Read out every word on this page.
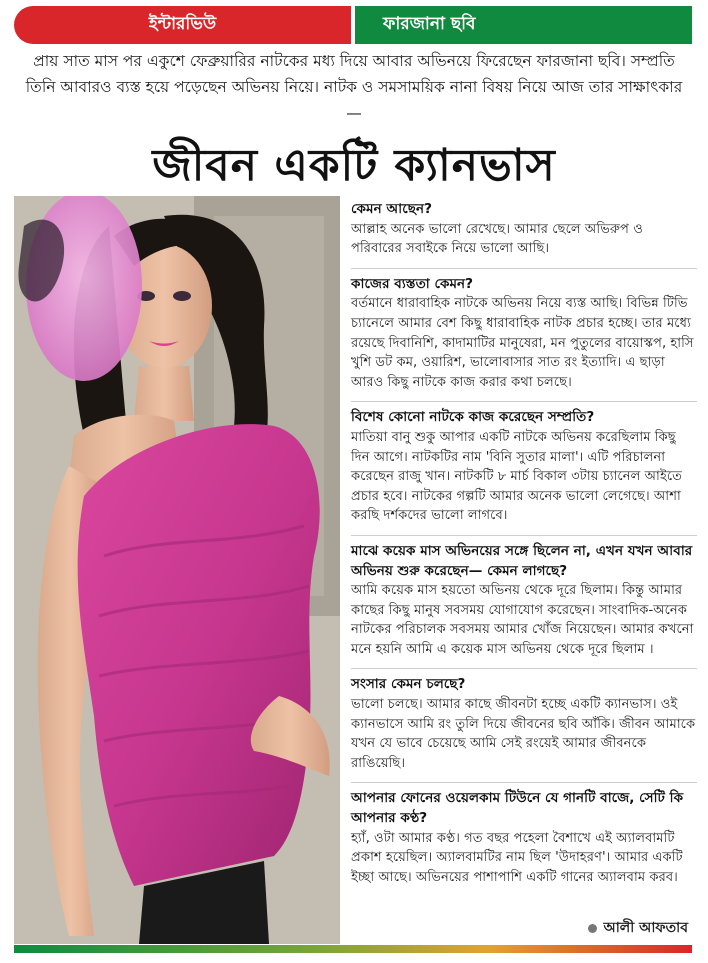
ইন্টারভিউ	ফারজানা ছবি

প্রায় সাত মাস পর একুশে ফেব্রুয়ারির নাটকের মধ্য দিয়ে আবার অভিনয়ে ফিরেছেন ফারজানা ছবি। সম্প্রতি তিনি আবারও ব্যস্ত হয়ে পড়েছেন অভিনয় নিয়ে। নাটক ও সমসাময়িক নানা বিষয় নিয়ে আজ তার সাক্ষাৎকার—

জীবন একটি ক্যানভাস
কেমন আছেন?
আল্লাহ অনেক ভালো রেখেছে। আমার ছেলে অভিরুপ ও পরিবারের সবাইকে নিয়ে ভালো আছি।
কাজের ব্যস্ততা কেমন?
বর্তমানে ধারাবাহিক নাটকে অভিনয় নিয়ে ব্যস্ত আছি। বিভিন্ন টিভি চ্যানেলে আমার বেশ কিছু ধারাবাহিক নাটক প্রচার হচ্ছে। তার মধ্যে রয়েছে দিবানিশি, কাদামাটির মানুষেরা, মন পুতুলের বায়োস্কপ, হাসি খুশি ডট কম, ওয়ারিশ, ভালোবাসার সাত রং ইত্যাদি। এ ছাড়া আরও কিছু নাটকে কাজ করার কথা চলছে।
বিশেষ কোনো নাটকে কাজ করেছেন সম্প্রতি?
মাতিয়া বানু শুকু আপার একটি নাটকে অভিনয় করেছিলাম কিছু দিন আগে। নাটকটির নাম 'বিনি সুতার মালা'। এটি পরিচালনা করেছেন রাজু খান। নাটকটি ৮ মার্চ বিকাল ৩টায় চ্যানেল আইতে প্রচার হবে। নাটকের গল্পটি আমার অনেক ভালো লেগেছে। আশা করছি দর্শকদের ভালো লাগবে।
মাঝে কয়েক মাস অভিনয়ের সঙ্গে ছিলেন না, এখন যখন আবার অভিনয় শুরু করেছেন— কেমন লাগছে?
আমি কয়েক মাস হয়তো অভিনয় থেকে দূরে ছিলাম। কিন্তু আমার কাছের কিছু মানুষ সবসময় যোগাযোগ করেছেন। সাংবাদিক-অনেক নাটকের পরিচালক সবসময় আমার খোঁজ নিয়েছেন। আমার কখনো মনে হয়নি আমি এ কয়েক মাস অভিনয় থেকে দূরে ছিলাম ।
সংসার কেমন চলছে?
ভালো চলছে। আমার কাছে জীবনটা হচ্ছে একটি ক্যানভাস। ওই ক্যানভাসে আমি রং তুলি দিয়ে জীবনের ছবি আঁকি। জীবন আমাকে যখন যে ভাবে চেয়েছে আমি সেই রংয়েই আমার জীবনকে রাঙিয়েছি।
আপনার ফোনের ওয়েলকাম টিউনে যে গানটি বাজে, সেটি কি আপনার কণ্ঠ?
হ্যাঁ, ওটা আমার কণ্ঠ। গত বছর পহেলা বৈশাখে এই অ্যালবামটি প্রকাশ হয়েছিল। অ্যালবামটির নাম ছিল 'উদাহরণ'। আমার একটি ইচ্ছা আছে। অভিনয়ের পাশাপাশি একটি গানের অ্যালবাম করব।
আলী আফতাব
